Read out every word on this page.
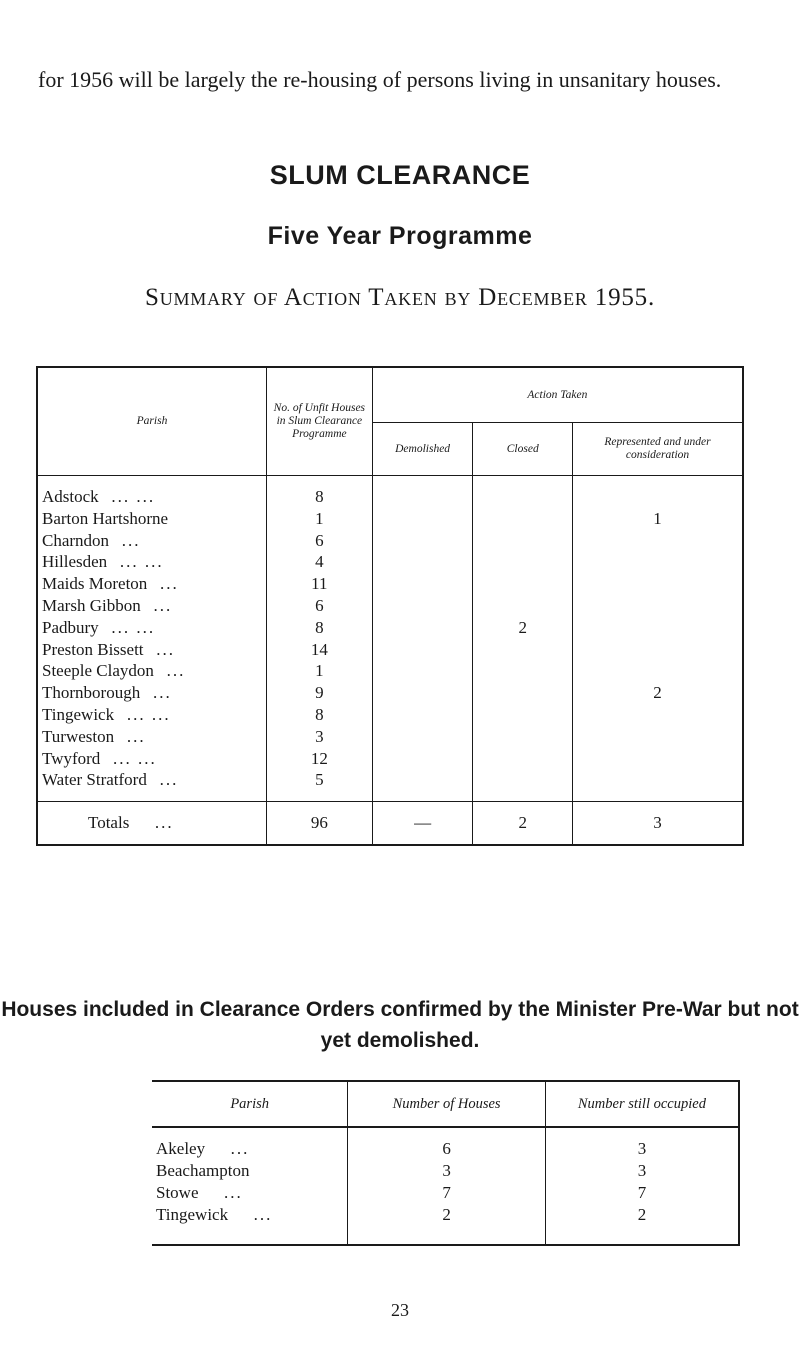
for 1956 will be largely the re-housing of persons living in unsanitary houses.
SLUM CLEARANCE
Five Year Programme
Summary of Action Taken by December 1955.
Parish	No. of Unfit Houses in Slum Clearance Programme	Action Taken		
		Demolished	Closed	Represented and under consideration
Adstock ... ...	8			
Barton Hartshorne	1			1
Charndon ...	6			
Hillesden ... ...	4			
Maids Moreton ...	11			
Marsh Gibbon ...	6			
Padbury ... ...	8		2	
Preston Bissett ...	14			
Steeple Claydon ...	1			
Thornborough ...	9			2
Tingewick ... ...	8			
Turweston ...	3			
Twyford ... ...	12			
Water Stratford ...	5			
Totals ...	96	—	2	3
Houses included in Clearance Orders confirmed by the Minister Pre-War but not yet demolished.
Parish	Number of Houses	Number still occupied
Akeley ...	6	3
Beachampton	3	3
Stowe ...	7	7
Tingewick ...	2	2
23
